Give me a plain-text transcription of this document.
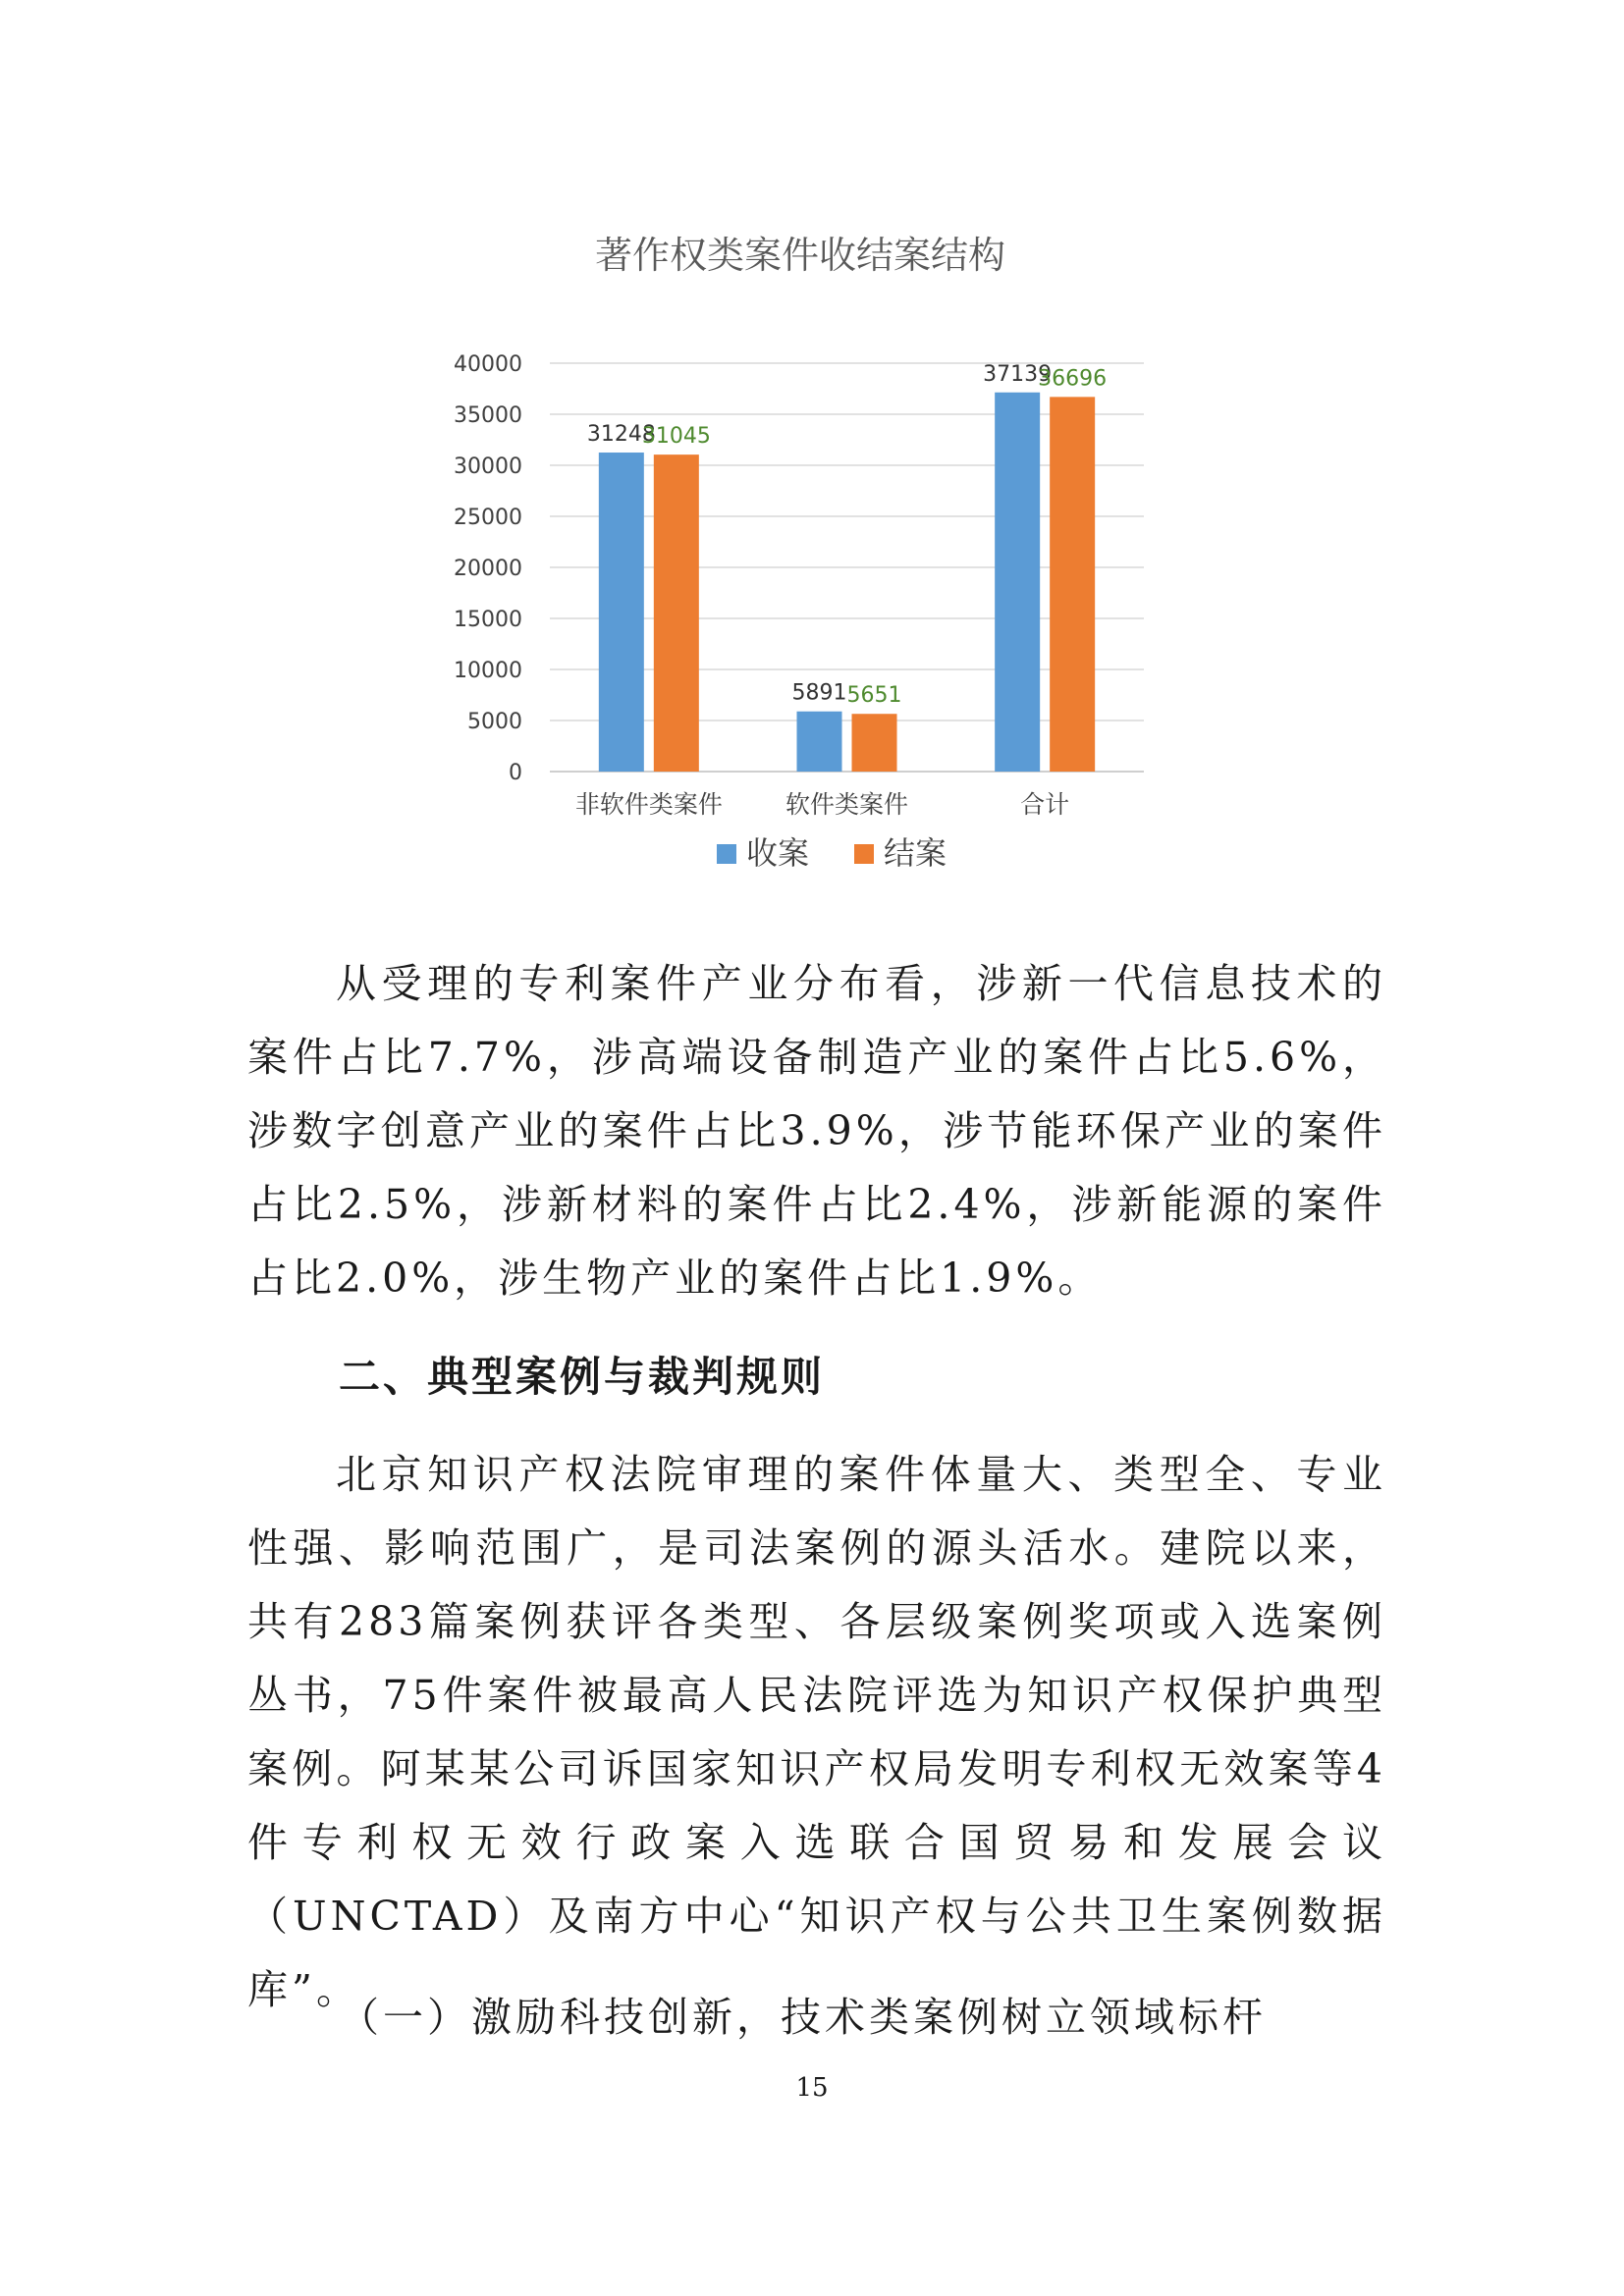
著作权类案件收结案结构
0
5000
10000
15000
20000
25000
30000
35000
40000
31248
31045
5891 5651
37139
36696
非软件类案件	软件类案件	合计
收案 结案

从受理的专利案件产业分布看，涉新一代信息技术的案件占比7.7%，涉高端设备制造产业的案件占比5.6%，涉数字创意产业的案件占比3.9%，涉节能环保产业的案件占比2.5%，涉新材料的案件占比2.4%，涉新能源的案件占比2.0%，涉生物产业的案件占比1.9%。

二、典型案例与裁判规则

北京知识产权法院审理的案件体量大、类型全、专业性强、影响范围广，是司法案例的源头活水。建院以来，共有283篇案例获评各类型、各层级案例奖项或入选案例丛书，75件案件被最高人民法院评选为知识产权保护典型案例。阿某某公司诉国家知识产权局发明专利权无效案等4件专利权无效行政案入选联合国贸易和发展会议（UNCTAD）及南方中心“知识产权与公共卫生案例数据库”。

（一）激励科技创新，技术类案例树立领域标杆

15
